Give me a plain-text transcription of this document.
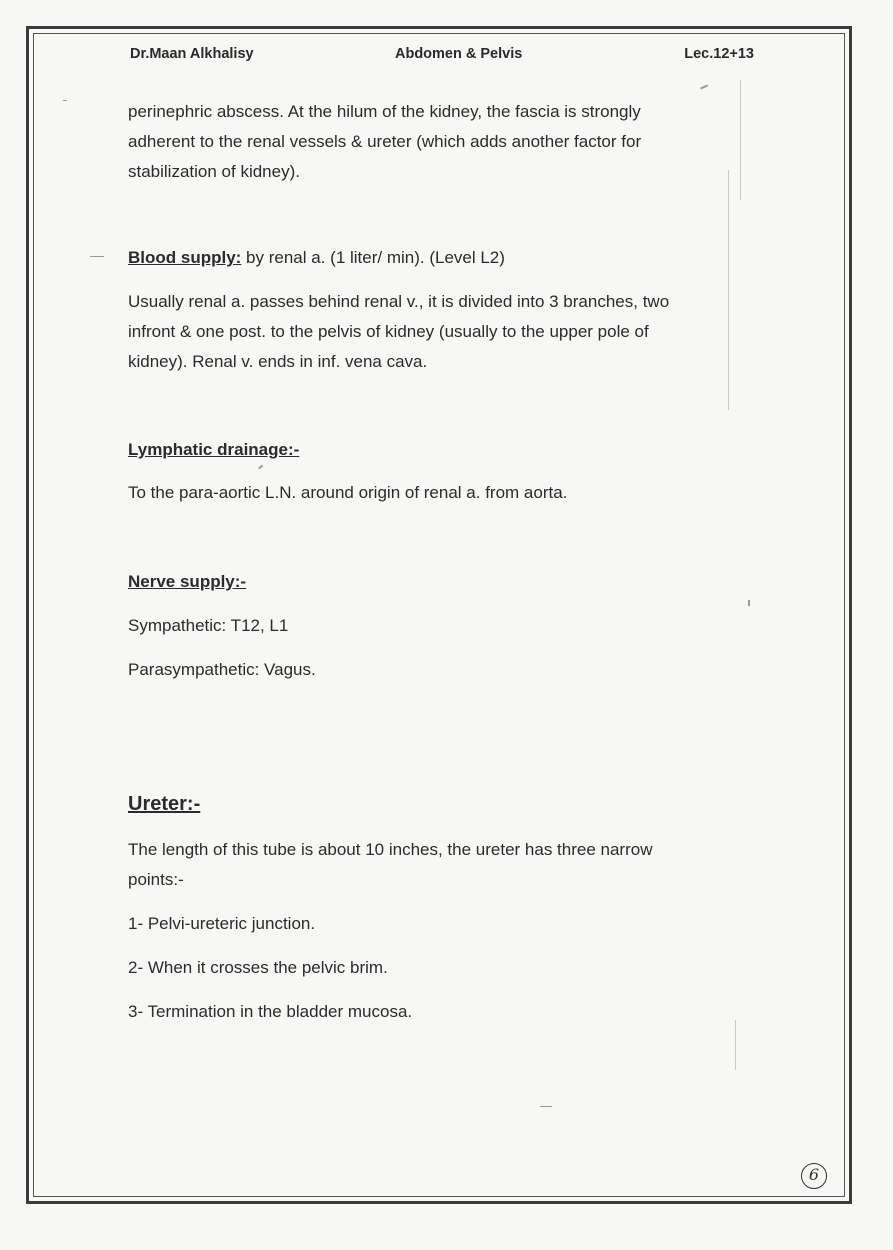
Dr.Maan Alkhalisy	Abdomen & Pelvis	Lec.12+13

perinephric abscess. At the hilum of the kidney, the fascia is strongly

adherent to the renal vessels & ureter (which adds another factor for

stabilization of kidney).

Blood supply: by renal a. (1 liter/ min). (Level L2)

Usually renal a. passes behind renal v., it is divided into 3 branches, two

infront & one post. to the pelvis of kidney (usually to the upper pole of

kidney). Renal v. ends in inf. vena cava.

Lymphatic drainage:-

To the para-aortic L.N. around origin of renal a. from aorta.

Nerve supply:-

Sympathetic: T12, L1

Parasympathetic: Vagus.

Ureter:-

The length of this tube is about 10 inches, the ureter has three narrow

points:-

1- Pelvi-ureteric junction.

2- When it crosses the pelvic brim.

3- Termination in the bladder mucosa.

6
